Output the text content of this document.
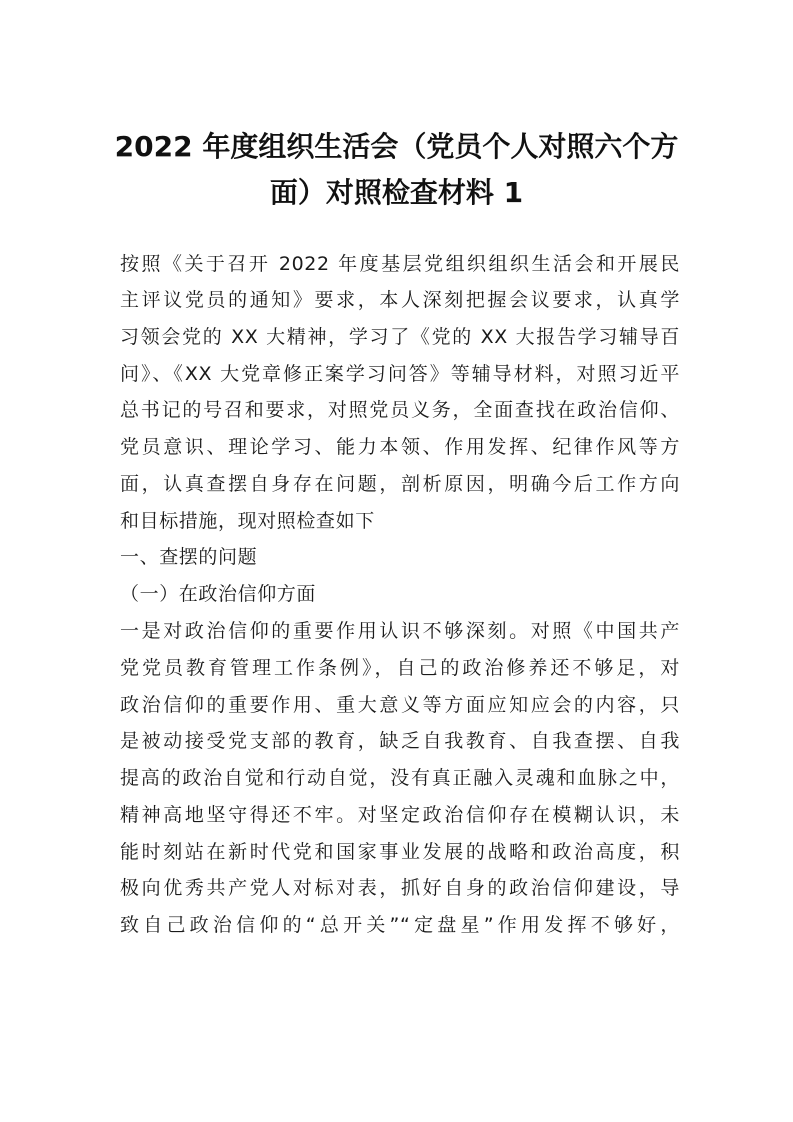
2022 年度组织生活会（党员个人对照六个方
面）对照检查材料 1

按照《关于召开 2022 年度基层党组织组织生活会和开展民

主评议党员的通知》要求，本人深刻把握会议要求，认真学

习领会党的 XX 大精神，学习了《党的 XX 大报告学习辅导百

问》、《XX 大党章修正案学习问答》等辅导材料，对照习近平

总书记的号召和要求，对照党员义务，全面查找在政治信仰、

党员意识、理论学习、能力本领、作用发挥、纪律作风等方

面，认真查摆自身存在问题，剖析原因，明确今后工作方向

和目标措施，现对照检查如下

一、查摆的问题

（一）在政治信仰方面

一是对政治信仰的重要作用认识不够深刻。对照《中国共产

党党员教育管理工作条例》，自己的政治修养还不够足，对

政治信仰的重要作用、重大意义等方面应知应会的内容，只

是被动接受党支部的教育，缺乏自我教育、自我查摆、自我

提高的政治自觉和行动自觉，没有真正融入灵魂和血脉之中，

精神高地坚守得还不牢。对坚定政治信仰存在模糊认识，未

能时刻站在新时代党和国家事业发展的战略和政治高度，积

极向优秀共产党人对标对表，抓好自身的政治信仰建设，导

致自己政治信仰的“总开关”“定盘星”作用发挥不够好，
